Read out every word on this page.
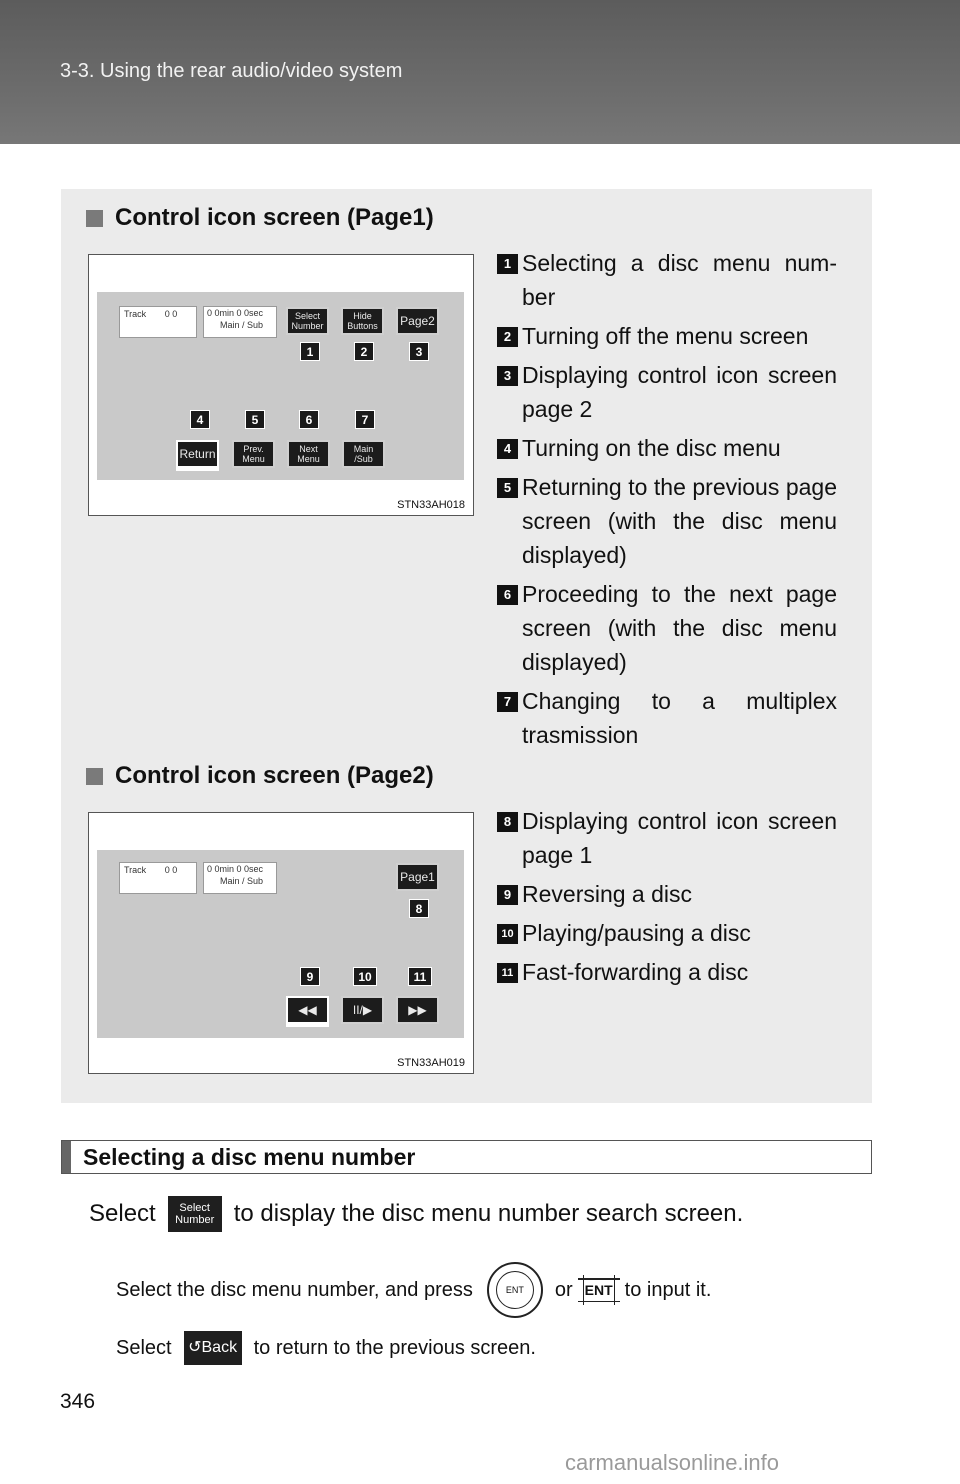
3-3. Using the rear audio/video system
Control icon screen (Page1)
Track 0 0	0 0min 0 0sec
Main / Sub
Select
Number
Hide
Buttons Page2
1	2	3
4	5	6	7
Return	Prev.
Menu
Next
Menu
Main
/Sub
STN33AH018
1 Selecting a disc menu num-ber
2 Turning off the menu screen
3 Displaying control icon screen page 2
4 Turning on the disc menu
5 Returning to the previous page screen (with the disc menu displayed)
6 Proceeding to the next page screen (with the disc menu displayed)
7 Changing to a multiplex trasmission
Control icon screen (Page2)
Track 0 0	0 0min 0 0sec
Main / Sub	Page1
8
9	10	11
◀◀	II/▶	▶▶
STN33AH019
8 Displaying control icon screen page 1
9 Reversing a disc
10 Playing/pausing a disc
11 Fast-forwarding a disc
Selecting a disc menu number
Select Select
Number to display the disc menu number search screen.
Select the disc menu number, and press	ENT	or ENT to input it.
Select ↺ Back to return to the previous screen.
346
carmanualsonline.info
